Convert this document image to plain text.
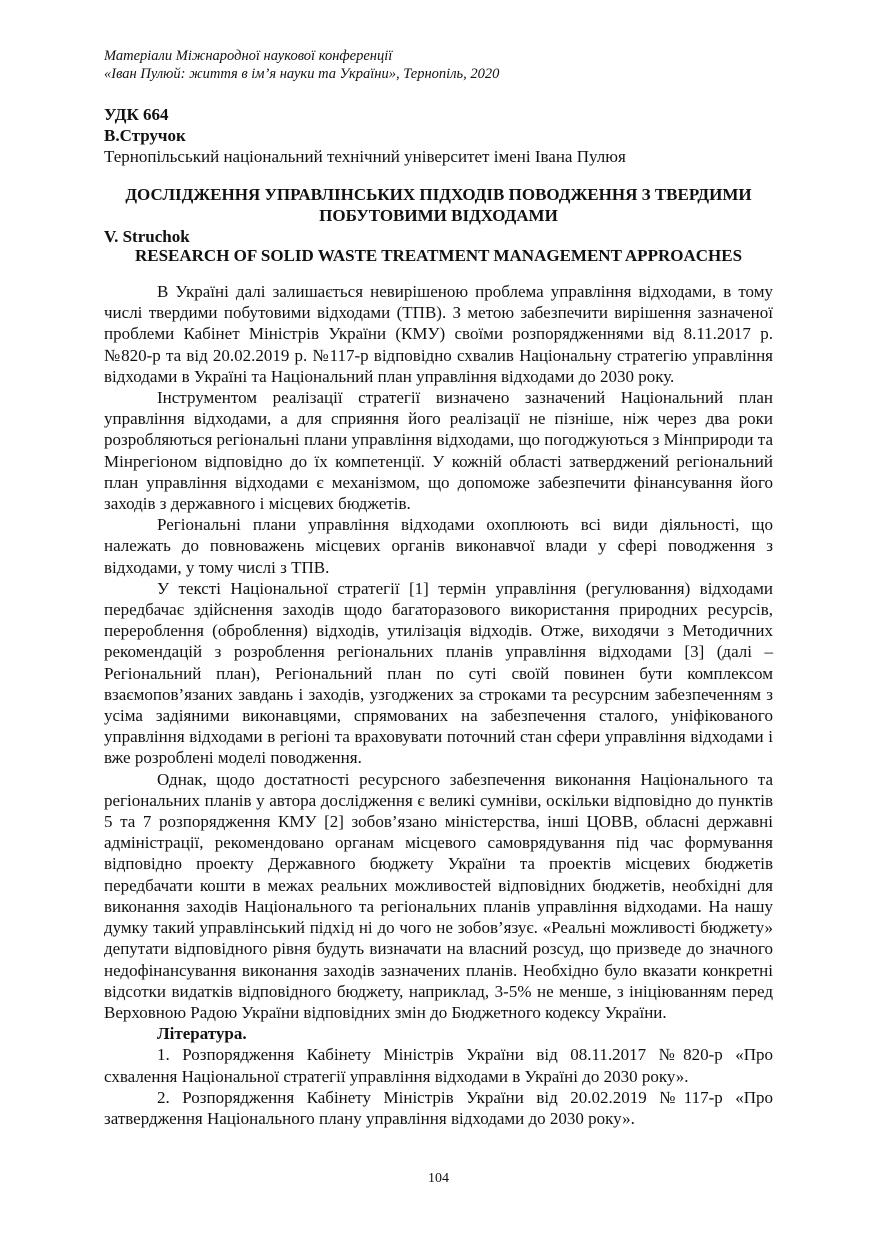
Матеріали Міжнародної наукової конференції
«Іван Пулюй: життя в ім’я науки та України», Тернопіль, 2020
УДК 664
В.Стручок
Тернопільський національний технічний університет імені Івана Пулюя
ДОСЛІДЖЕННЯ УПРАВЛІНСЬКИХ ПІДХОДІВ ПОВОДЖЕННЯ З ТВЕРДИМИ ПОБУТОВИМИ ВІДХОДАМИ
V. Struchok
RESEARCH OF SOLID WASTE TREATMENT MANAGEMENT APPROACHES

В Україні далі залишається невирішеною проблема управління відходами, в тому числі твердими побутовими відходами (ТПВ). З метою забезпечити вирішення зазначеної проблеми Кабінет Міністрів України (КМУ) своїми розпорядженнями від 8.11.2017 р. №820-р та від 20.02.2019 р. №117-р відповідно схвалив Національну стратегію управління відходами в Україні та Національний план управління відходами до 2030 року.

Інструментом реалізації стратегії визначено зазначений Національний план управління відходами, а для сприяння його реалізації не пізніше, ніж через два роки розробляються регіональні плани управління відходами, що погоджуються з Мінприроди та Мінрегіоном відповідно до їх компетенції. У кожній області затверджений регіональний план управління відходами є механізмом, що допоможе забезпечити фінансування його заходів з державного і місцевих бюджетів.

Регіональні плани управління відходами охоплюють всі види діяльності, що належать до повноважень місцевих органів виконавчої влади у сфері поводження з відходами, у тому числі з ТПВ.

У тексті Національної стратегії [1] термін управління (регулювання) відходами передбачає здійснення заходів щодо багаторазового використання природних ресурсів, перероблення (оброблення) відходів, утилізація відходів. Отже, виходячи з Методичних рекомендацій з розроблення регіональних планів управління відходами [3] (далі – Регіональний план), Регіональний план по суті своїй повинен бути комплексом взаємопов’язаних завдань і заходів, узгоджених за строками та ресурсним забезпеченням з усіма задіяними виконавцями, спрямованих на забезпечення сталого, уніфікованого управління відходами в регіоні та враховувати поточний стан сфери управління відходами і вже розроблені моделі поводження.

Однак, щодо достатності ресурсного забезпечення виконання Національного та регіональних планів у автора дослідження є великі сумніви, оскільки відповідно до пунктів 5 та 7 розпорядження КМУ [2] зобов’язано міністерства, інші ЦОВВ, обласні державні адміністрації, рекомендовано органам місцевого самоврядування під час формування відповідно проекту Державного бюджету України та проектів місцевих бюджетів передбачати кошти в межах реальних можливостей відповідних бюджетів, необхідні для виконання заходів Національного та регіональних планів управління відходами. На нашу думку такий управлінський підхід ні до чого не зобов’язує. «Реальні можливості бюджету» депутати відповідного рівня будуть визначати на власний розсуд, що призведе до значного недофінансування виконання заходів зазначених планів. Необхідно було вказати конкретні відсотки видатків відповідного бюджету, наприклад, 3-5% не менше, з ініціюванням перед Верховною Радою України відповідних змін до Бюджетного кодексу України.

Література.

1. Розпорядження Кабінету Міністрів України від 08.11.2017 №820-р «Про схвалення Національної стратегії управління відходами в Україні до 2030 року».

2. Розпорядження Кабінету Міністрів України від 20.02.2019 №117-р «Про затвердження Національного плану управління відходами до 2030 року».

104
